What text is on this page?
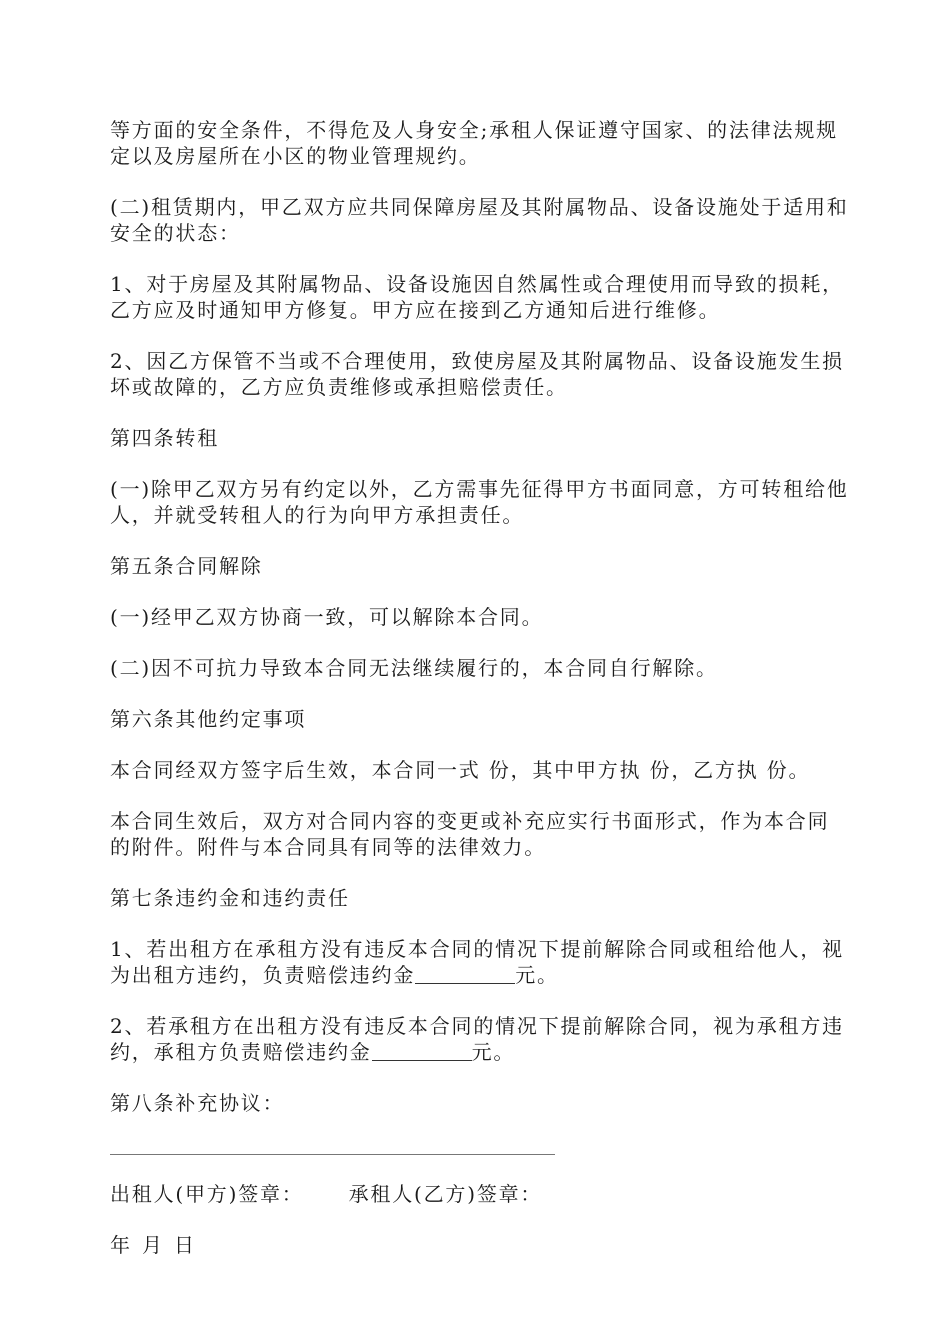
等方面的安全条件，不得危及人身安全;承租人保证遵守国家、的法律法规规定以及房屋所在小区的物业管理规约。

(二)租赁期内，甲乙双方应共同保障房屋及其附属物品、设备设施处于适用和安全的状态：

1、对于房屋及其附属物品、设备设施因自然属性或合理使用而导致的损耗，乙方应及时通知甲方修复。甲方应在接到乙方通知后进行维修。

2、因乙方保管不当或不合理使用，致使房屋及其附属物品、设备设施发生损坏或故障的，乙方应负责维修或承担赔偿责任。

第四条转租

(一)除甲乙双方另有约定以外，乙方需事先征得甲方书面同意，方可转租给他人，并就受转租人的行为向甲方承担责任。

第五条合同解除

(一)经甲乙双方协商一致，可以解除本合同。

(二)因不可抗力导致本合同无法继续履行的，本合同自行解除。

第六条其他约定事项

本合同经双方签字后生效，本合同一式 份，其中甲方执 份，乙方执 份。

本合同生效后，双方对合同内容的变更或补充应实行书面形式，作为本合同的附件。附件与本合同具有同等的法律效力。

第七条违约金和违约责任

1、若出租方在承租方没有违反本合同的情况下提前解除合同或租给他人，视为出租方违约，负责赔偿违约金	元。

2、若承租方在出租方没有违反本合同的情况下提前解除合同，视为承租方违约，承租方负责赔偿违约金	元。

第八条补充协议：

出租人(甲方)签章： 承租人(乙方)签章：

年月日
